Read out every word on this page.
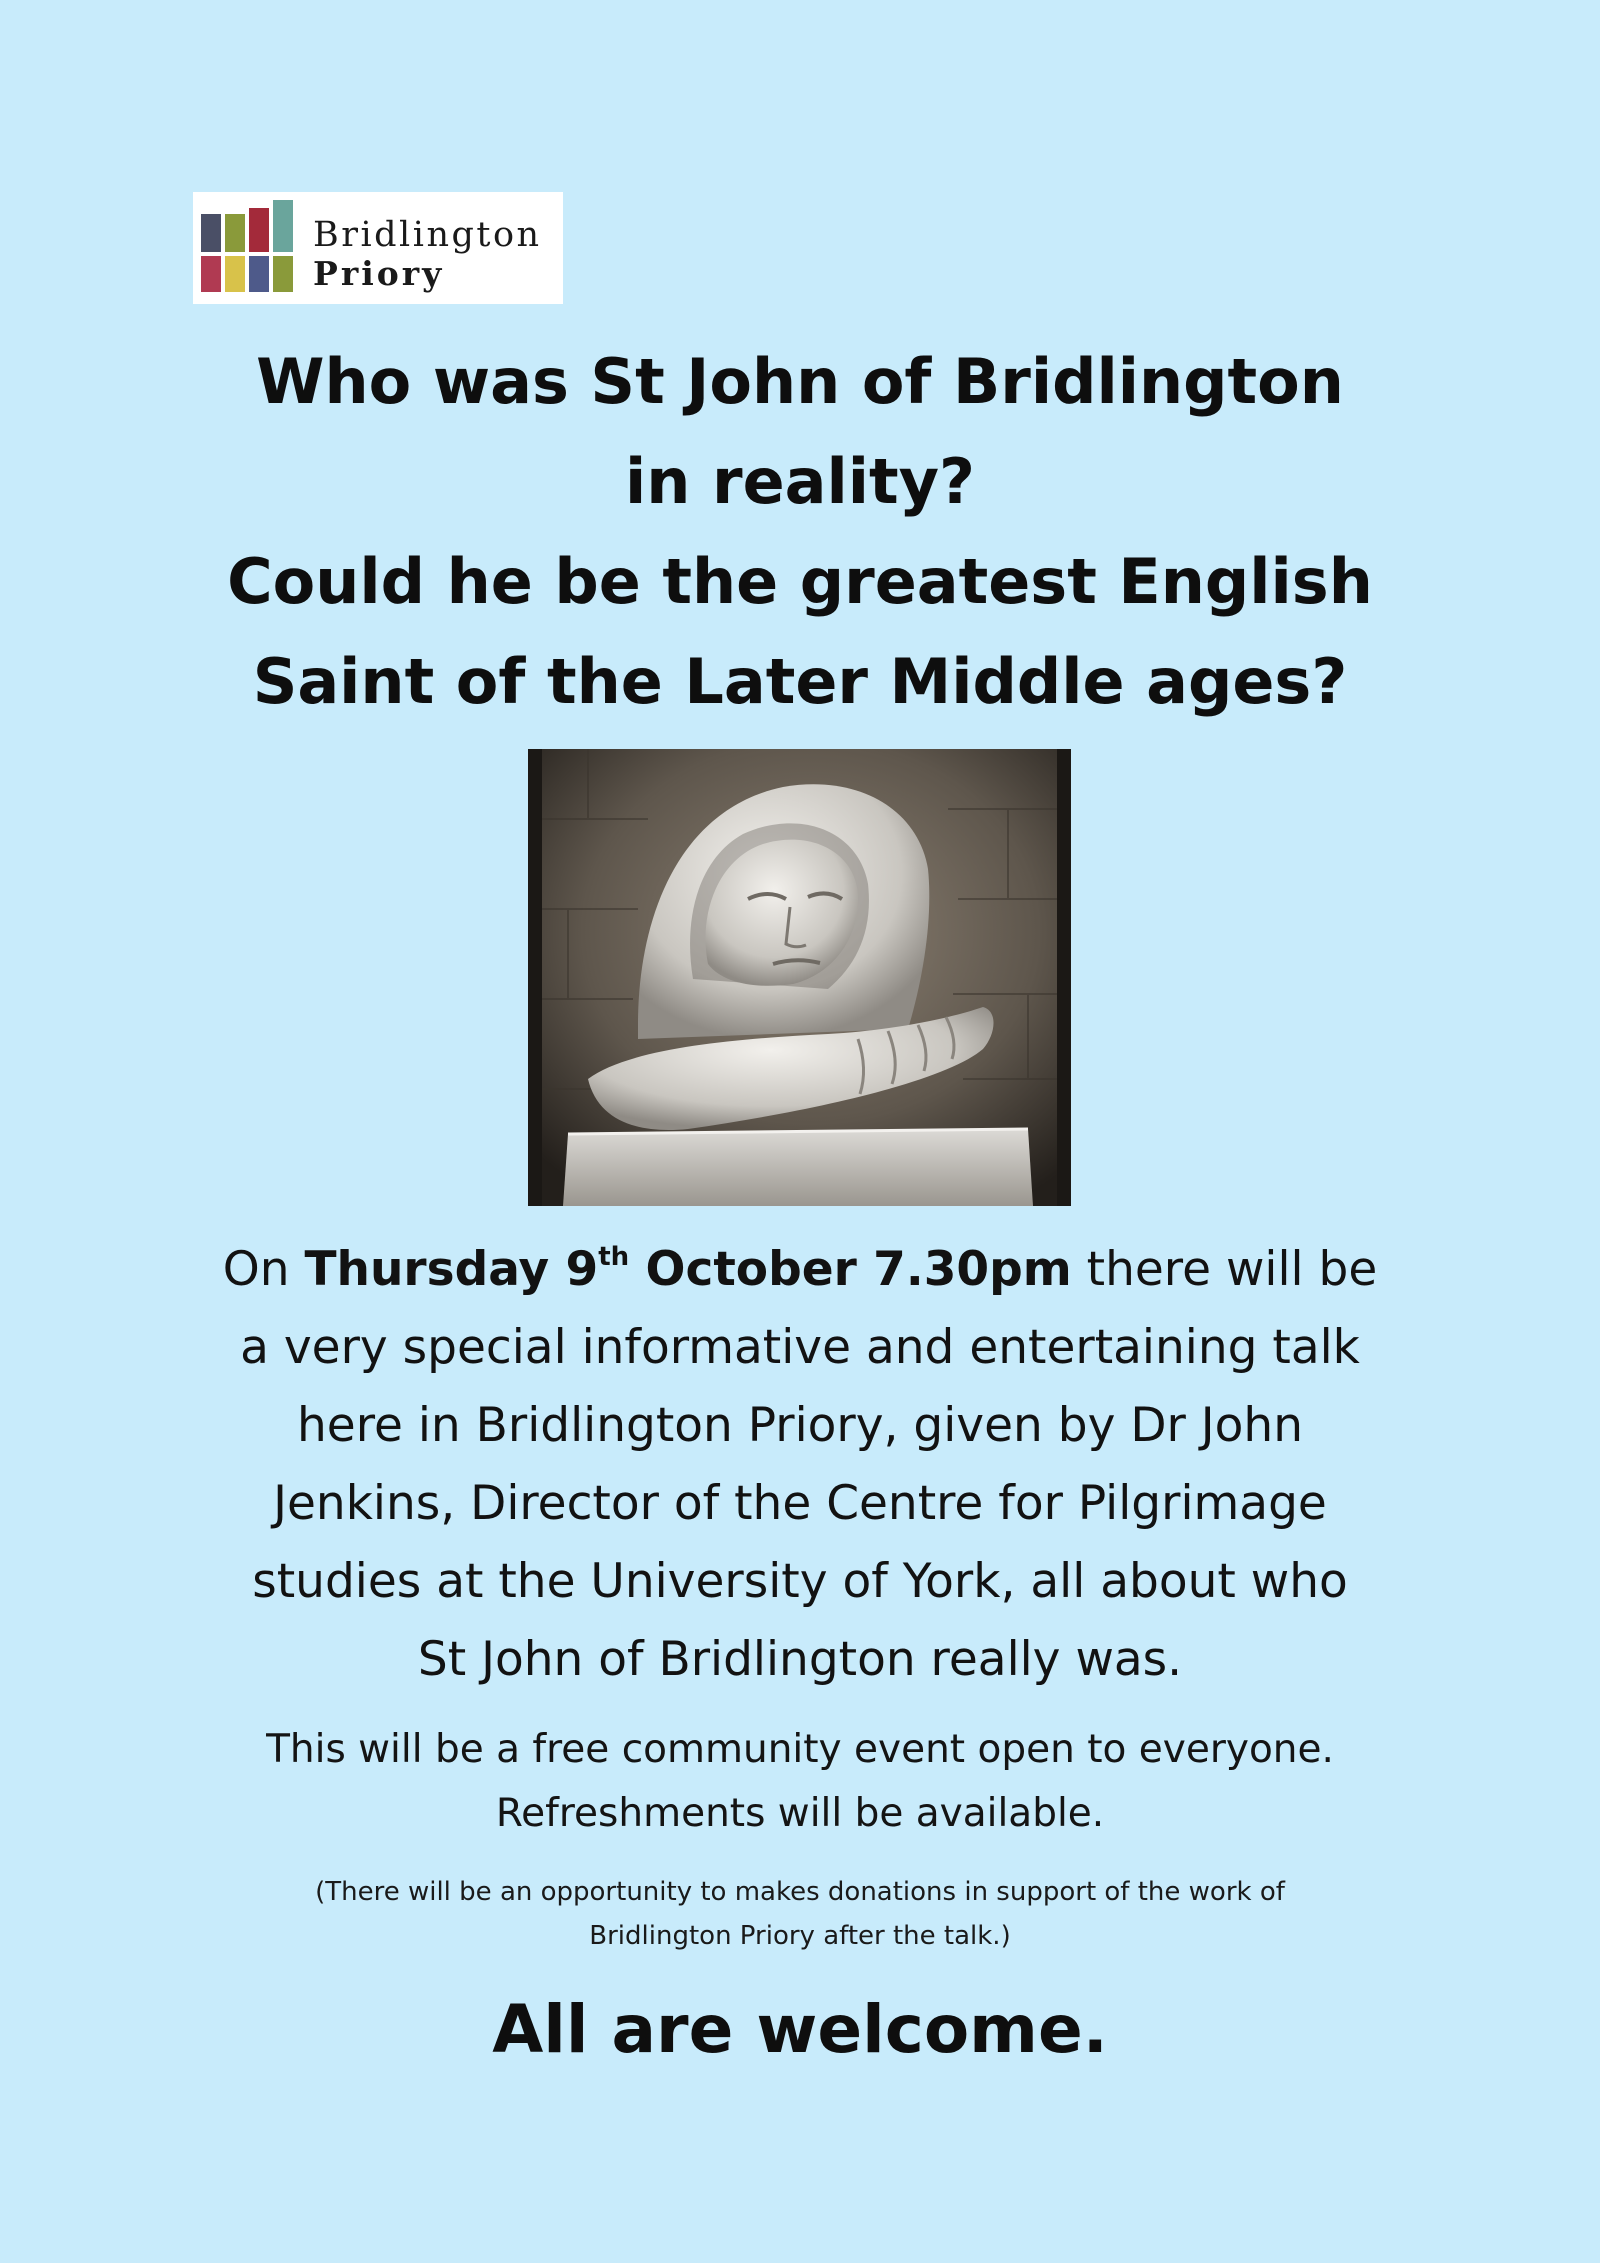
Bridlington
Priory
Who was St John of Bridlington
in reality?
Could he be the greatest English
Saint of the Later Middle ages?

On Thursday 9th October 7.30pm there will be
a very special informative and entertaining talk
here in Bridlington Priory, given by Dr John
Jenkins, Director of the Centre for Pilgrimage
studies at the University of York, all about who
St John of Bridlington really was.

This will be a free community event open to everyone.
Refreshments will be available.

(There will be an opportunity to makes donations in support of the work of
Bridlington Priory after the talk.)

All are welcome.
